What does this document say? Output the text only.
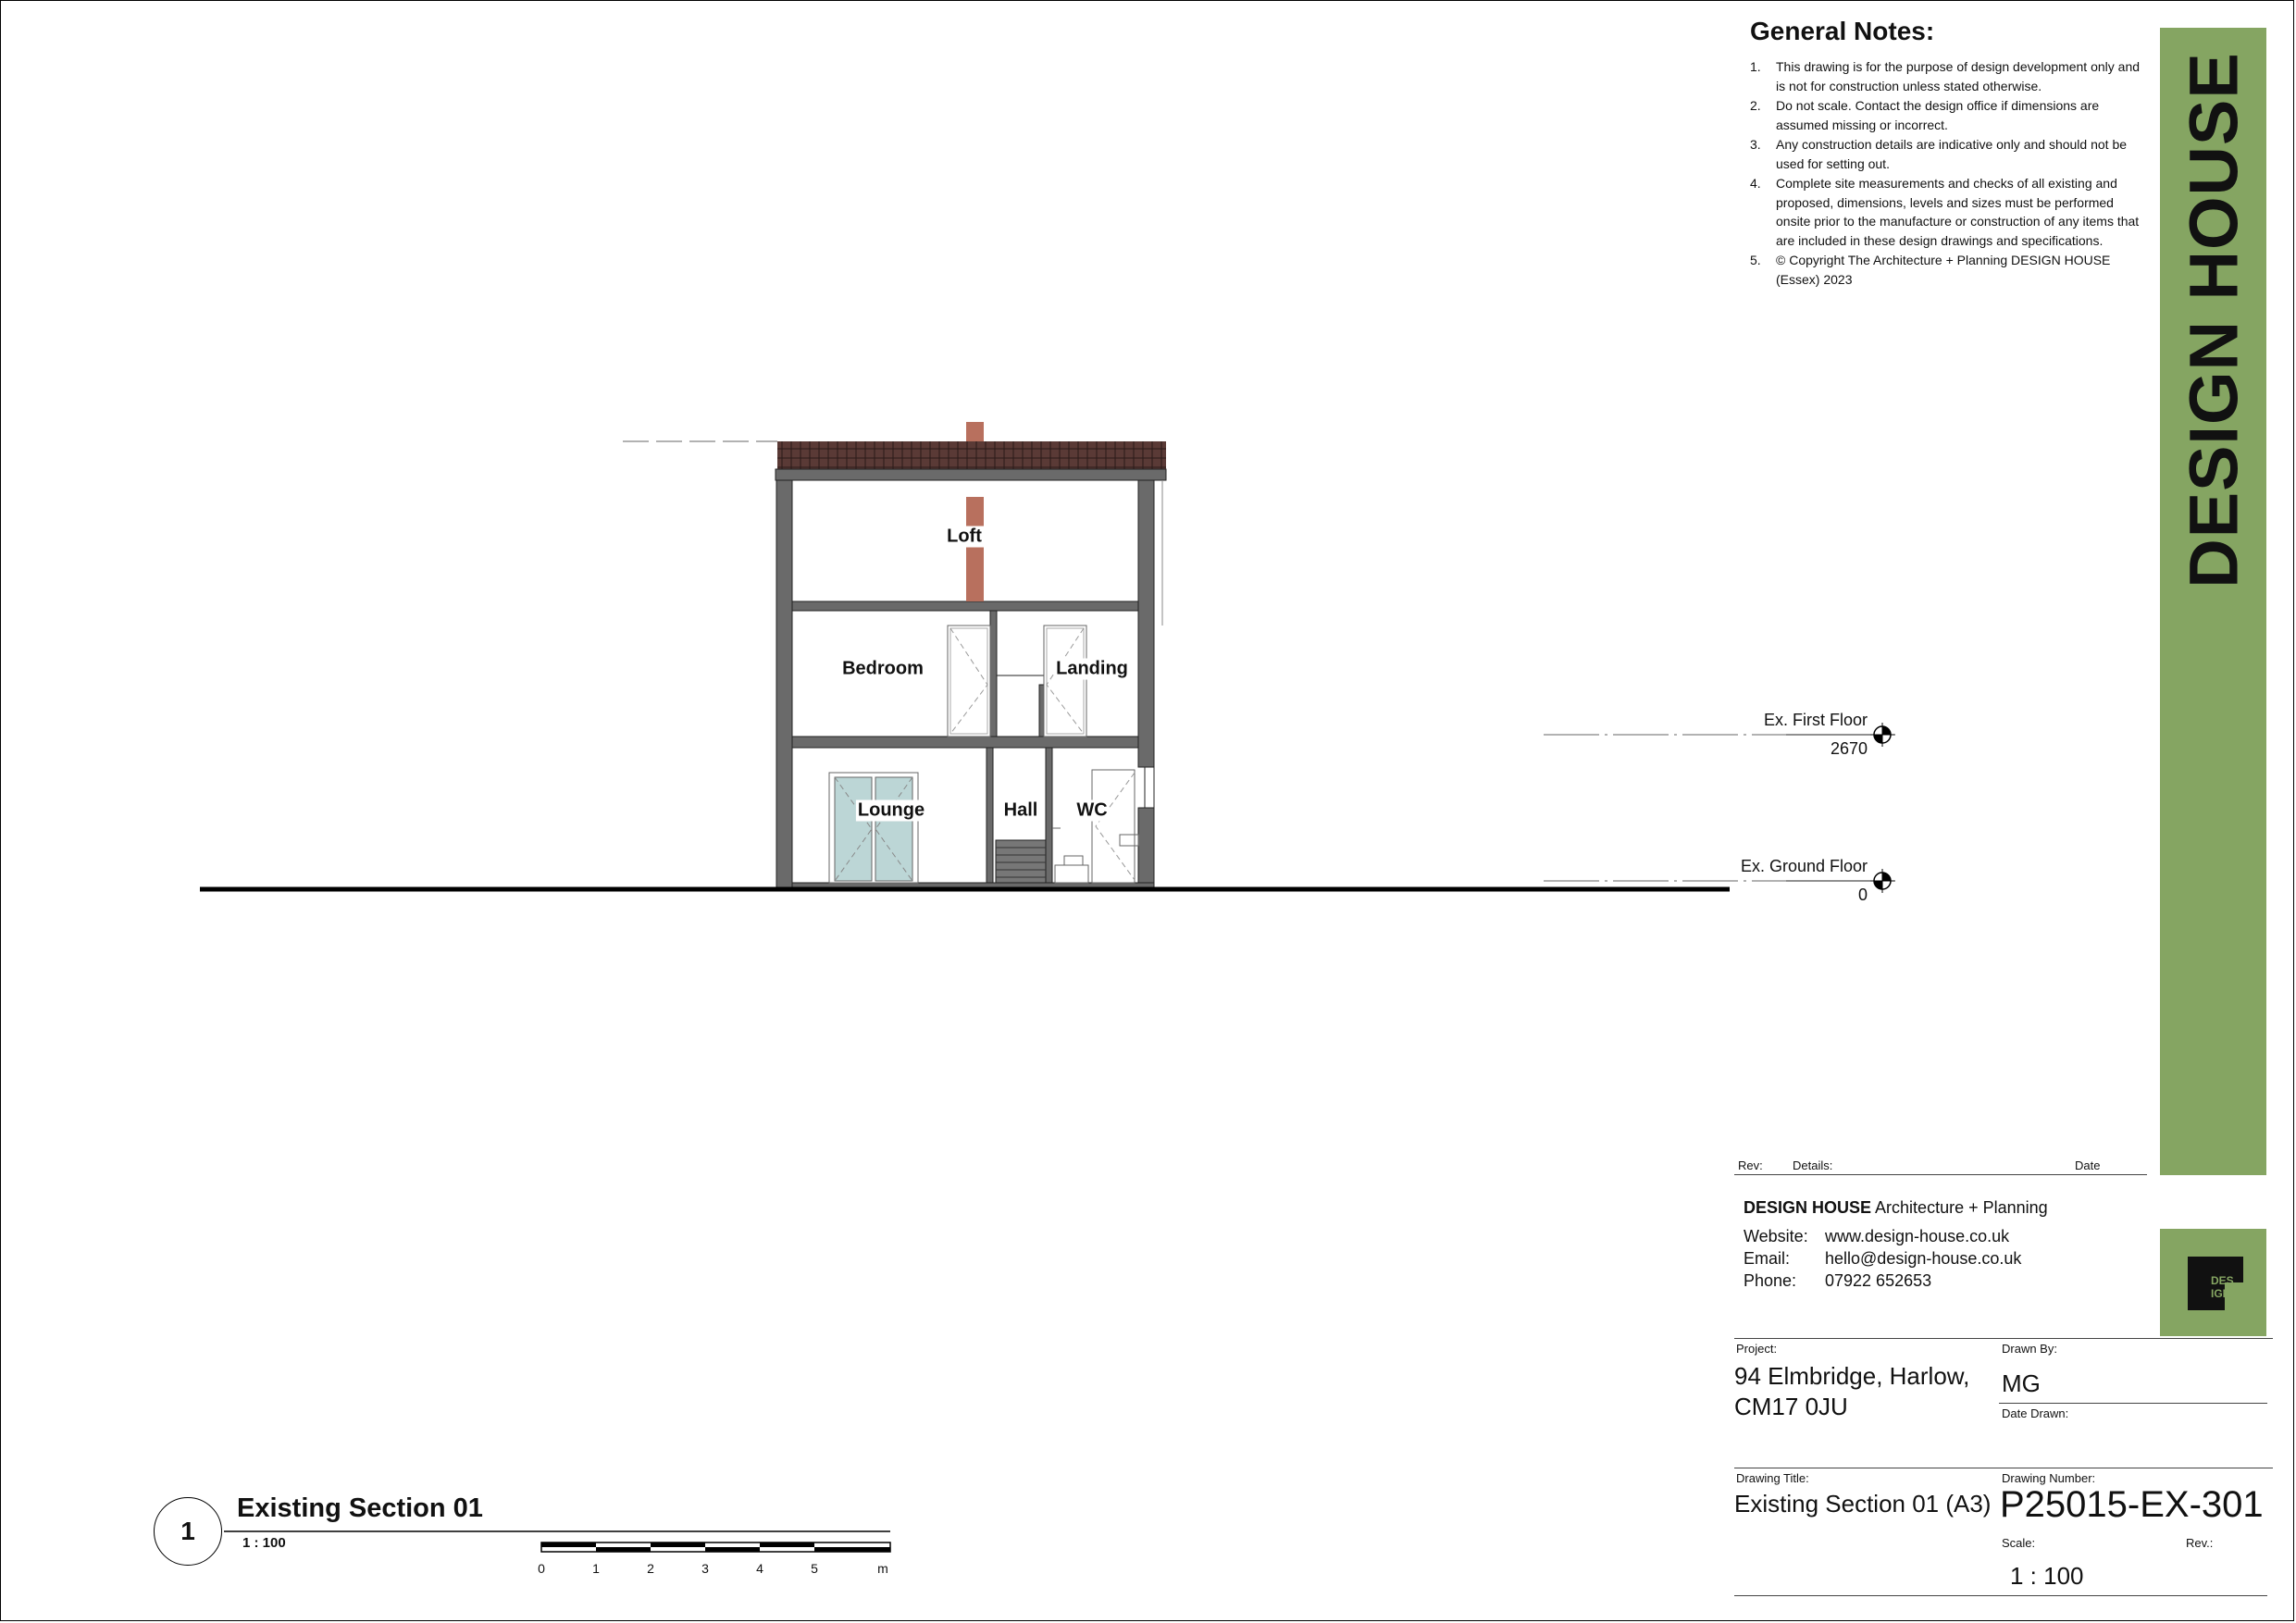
General Notes:
1. This drawing is for the purpose of design development only and is not for construction unless stated otherwise.
2. Do not scale. Contact the design office if dimensions are assumed missing or incorrect.
3. Any construction details are indicative only and should not be used for setting out.
4. Complete site measurements and checks of all existing and proposed, dimensions, levels and sizes must be performed onsite prior to the manufacture or construction of any items that are included in these design drawings and specifications.
5. © Copyright The Architecture + Planning DESIGN HOUSE (Essex) 2023	DESIGN HOUSE
DES
IGN
Rev: Details:	Date
DESIGN HOUSE Architecture + Planning
Website: www.design-house.co.uk
Email: hello@design-house.co.uk
Phone: 07922 652653
Project:
94 Elmbridge, Harlow,
CM17 0JU
Drawn By:
MG
Date Drawn:
Drawing Title:
Existing Section 01 (A3)
Drawing Number:
P25015-EX-301
Scale:	Rev.:
1 : 100
0	1	2	3	4	5	m
Loft
Bedroom	Landing
Lounge	Hall WC
Ex. First Floor
2670
Ex. Ground Floor
0
1
Existing Section 01
1 : 100
